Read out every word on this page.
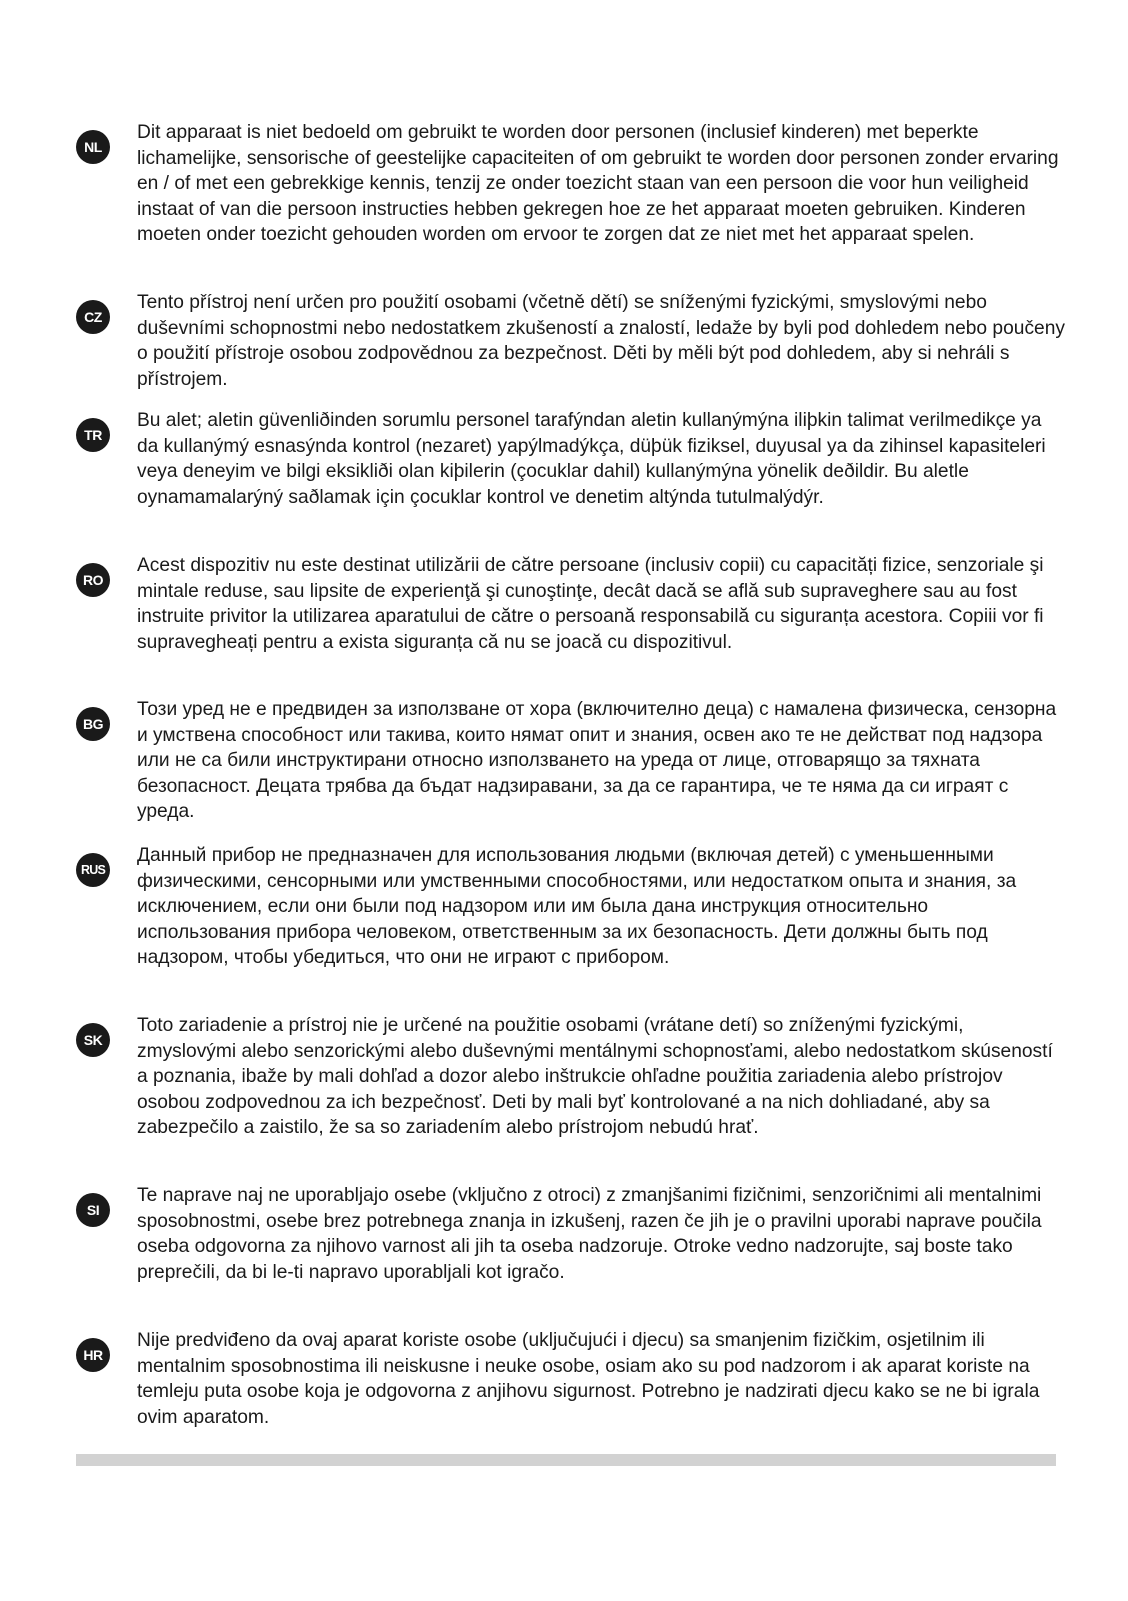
NL

Dit apparaat is niet bedoeld om gebruikt te worden door personen (inclusief kinderen) met beperkte lichamelijke, sensorische of geestelijke capaciteiten of om gebruikt te worden door personen zonder ervaring en / of met een gebrekkige kennis, tenzij ze onder toezicht staan van een persoon die voor hun veiligheid instaat of van die persoon instructies hebben gekregen hoe ze het apparaat moeten gebruiken. Kinderen moeten onder toezicht gehouden worden om ervoor te zorgen dat ze niet met het apparaat spelen.

CZ

Tento přístroj není určen pro použití osobami (včetně dětí) se sníženými fyzickými, smyslovými nebo duševními schopnostmi nebo nedostatkem zkušeností a znalostí, ledaže by byli pod dohledem nebo poučeny o použití přístroje osobou zodpovědnou za bezpečnost. Děti by měli být pod dohledem, aby si nehráli s přístrojem.

TR

Bu alet; aletin güvenliðinden sorumlu personel tarafýndan aletin kullanýmýna iliþkin talimat verilmedikçe ya da kullanýmý esnasýnda kontrol (nezaret) yapýlmadýkça, düþük fiziksel, duyusal ya da zihinsel kapasiteleri veya deneyim ve bilgi eksikliði olan kiþilerin (çocuklar dahil) kullanýmýna yönelik deðildir. Bu aletle oynamamalarýný saðlamak için çocuklar kontrol ve denetim altýnda tutulmalýdýr.

RO

Acest dispozitiv nu este destinat utilizării de către persoane (inclusiv copii) cu capacități fizice, senzoriale şi mintale reduse, sau lipsite de experienţă şi cunoştinţe, decât dacă se află sub supraveghere sau au fost instruite privitor la utilizarea aparatului de către o persoană responsabilă cu siguranța acestora. Copiii vor fi supravegheați pentru a exista siguranța că nu se joacă cu dispozitivul.

BG

Този уред не е предвиден за използване от хора (включително деца) с намалена физическа, сензорна и умствена способност или такива, които нямат опит и знания, освен ако те не действат под надзора или не са били инструктирани относно използването на уреда от лице, отговарящо за тяхната безопасност. Децата трябва да бъдат надзиравани, за да се гарантира, че те няма да си играят с уреда.

RUS

Данный прибор не предназначен для использования людьми (включая детей) с уменьшенными физическими, сенсорными или умственными способностями, или недостатком опыта и знания, за исключением, если они были под надзором или им была дана инструкция относительно использования прибора человеком, ответственным за их безопасность. Дети должны быть под надзором, чтобы убедиться, что они не играют с прибором.

SK

Toto zariadenie a prístroj nie je určené na použitie osobami (vrátane detí) so zníženými fyzickými, zmyslovými alebo senzorickými alebo duševnými mentálnymi schopnosťami, alebo nedostatkom skúseností a poznania, ibaže by mali dohľad a dozor alebo inštrukcie ohľadne použitia zariadenia alebo prístrojov osobou zodpovednou za ich bezpečnosť. Deti by mali byť kontrolované a na nich dohliadané, aby sa zabezpečilo a zaistilo, že sa so zariadením alebo prístrojom nebudú hrať.

SI

Te naprave naj ne uporabljajo osebe (vključno z otroci) z zmanjšanimi fizičnimi, senzoričnimi ali mentalnimi sposobnostmi, osebe brez potrebnega znanja in izkušenj, razen če jih je o pravilni uporabi naprave poučila oseba odgovorna za njihovo varnost ali jih ta oseba nadzoruje. Otroke vedno nadzorujte, saj boste tako preprečili, da bi le-ti napravo uporabljali kot igračo.

HR

Nije predviđeno da ovaj aparat koriste osobe (uključujući i djecu) sa smanjenim fizičkim, osjetilnim ili mentalnim sposobnostima ili neiskusne i neuke osobe, osiam ako su pod nadzorom i ak aparat koriste na temleju puta osobe koja je odgovorna z anjihovu sigurnost. Potrebno je nadzirati djecu kako se ne bi igrala ovim aparatom.
